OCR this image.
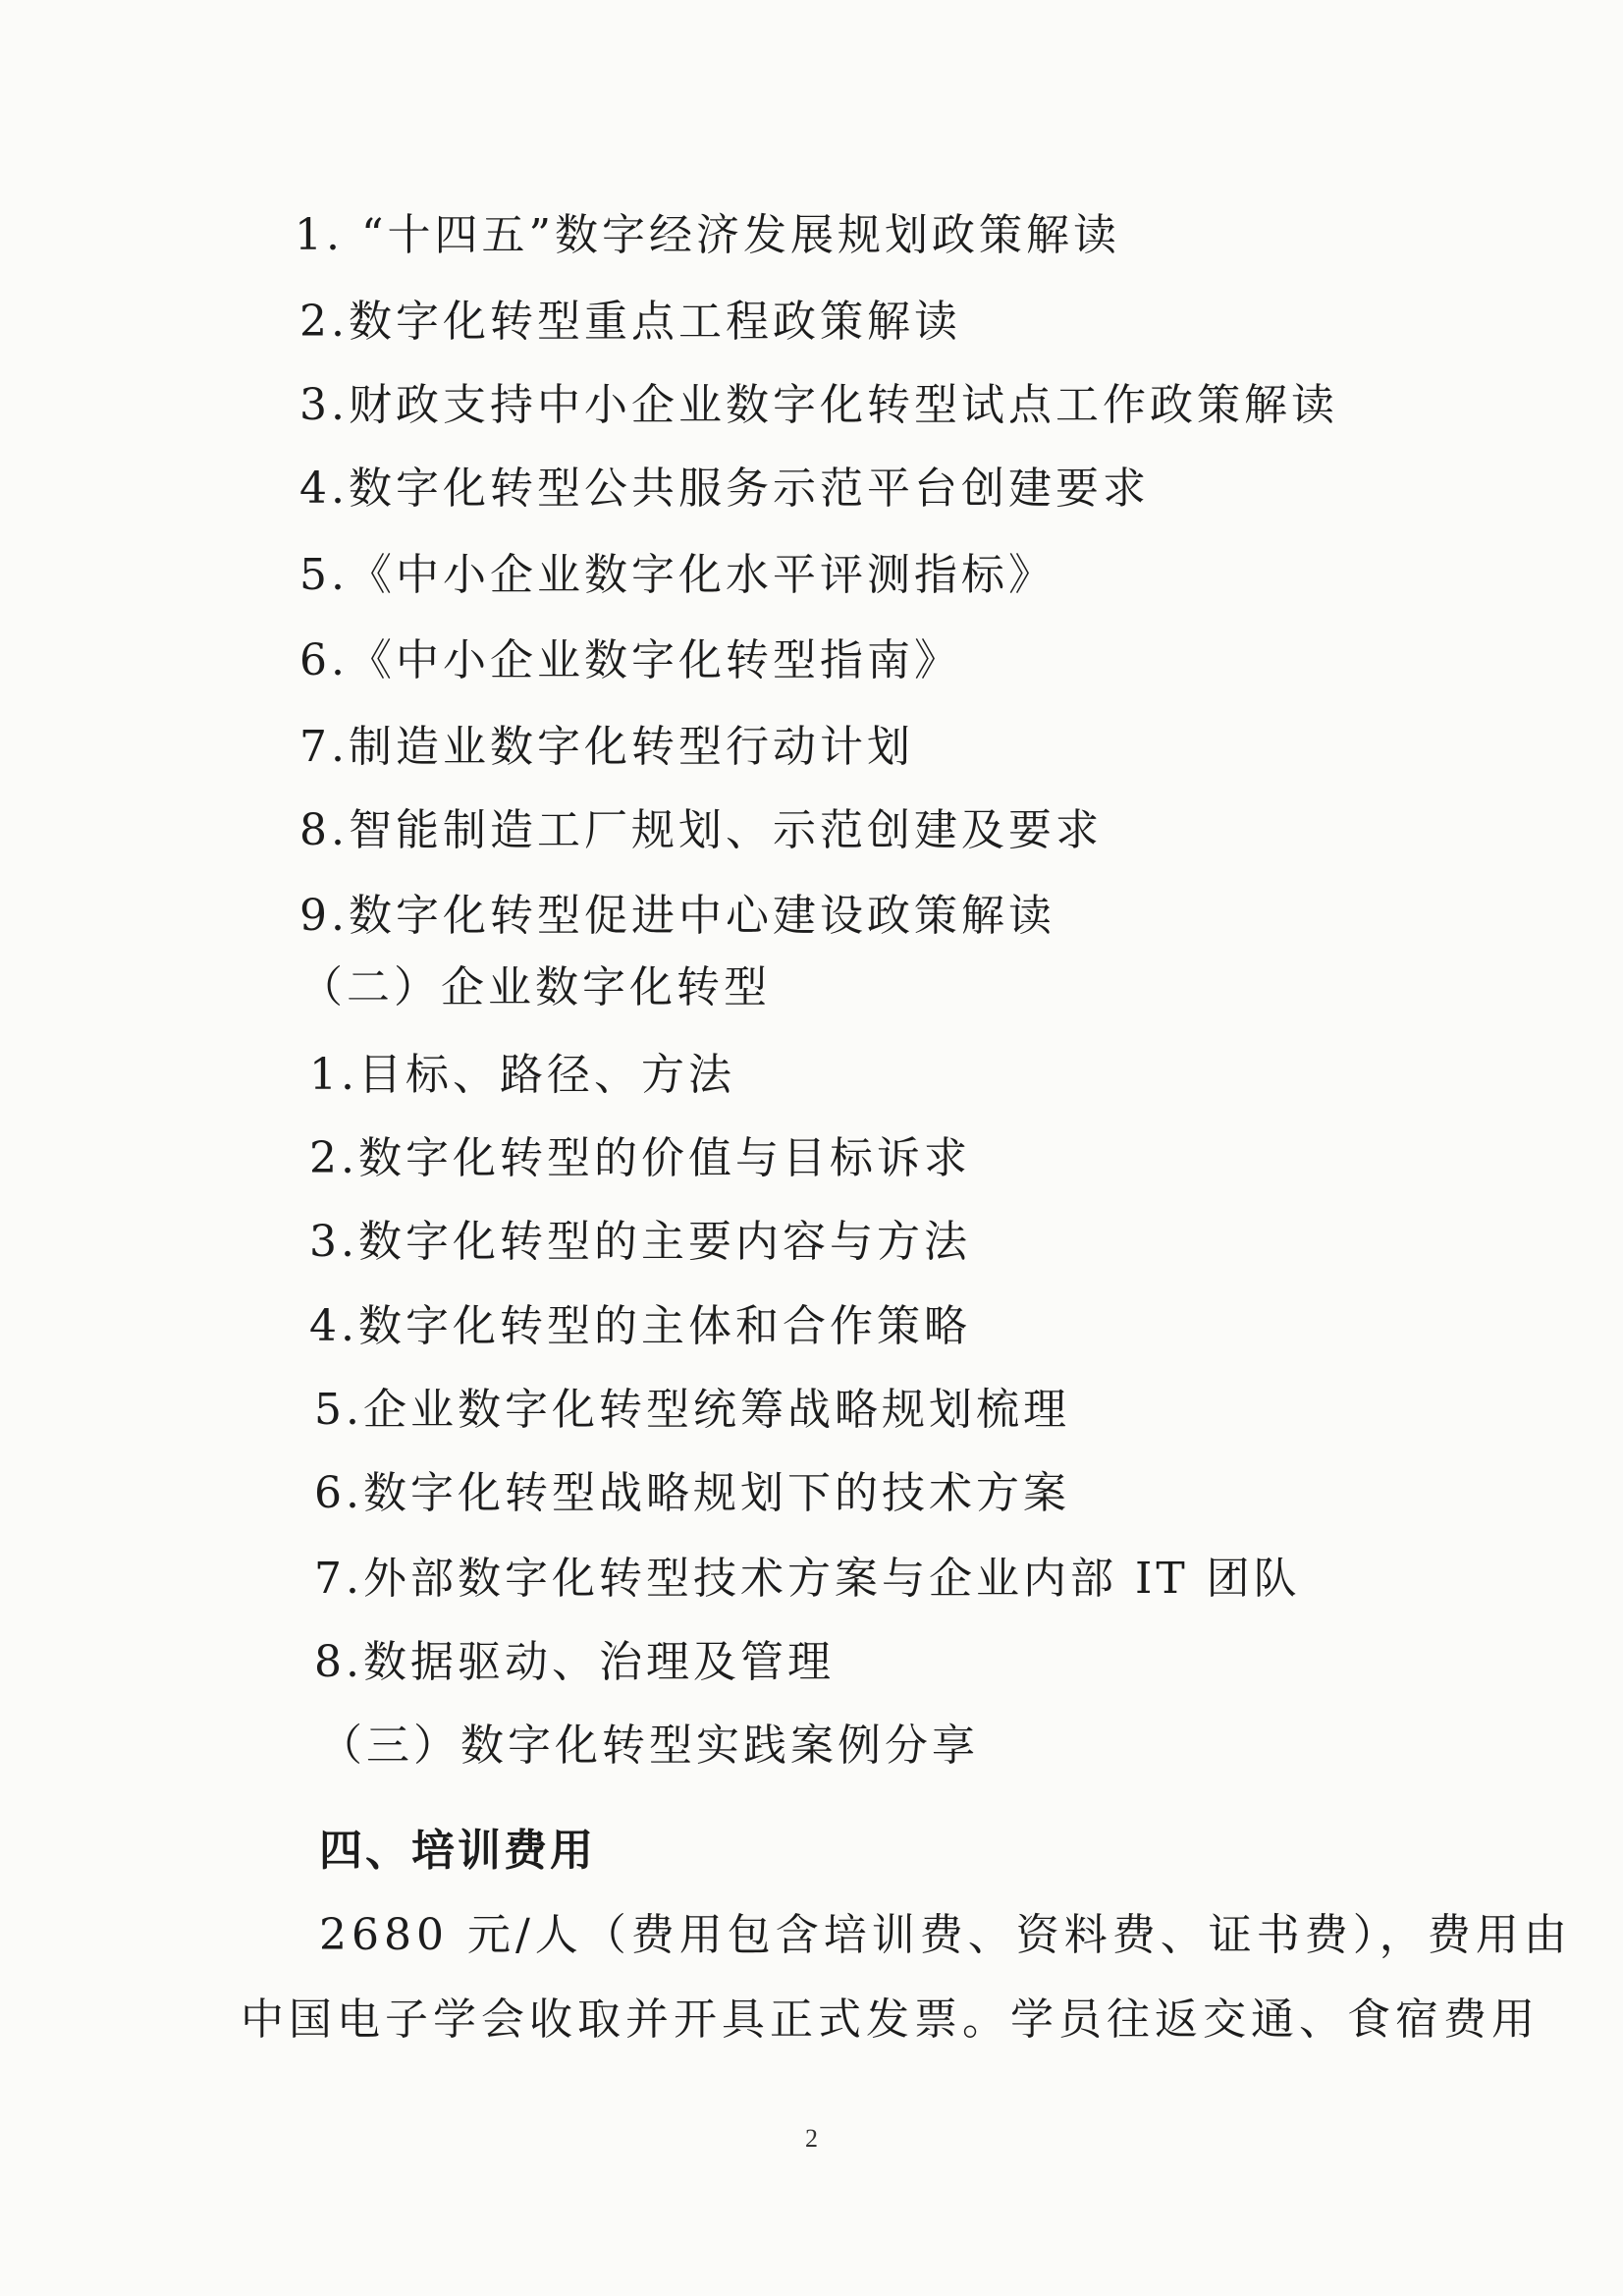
1. “十四五”数字经济发展规划政策解读
2.数字化转型重点工程政策解读
3.财政支持中小企业数字化转型试点工作政策解读
4.数字化转型公共服务示范平台创建要求
5.《中小企业数字化水平评测指标》
6.《中小企业数字化转型指南》
7.制造业数字化转型行动计划
8.智能制造工厂规划、示范创建及要求
9.数字化转型促进中心建设政策解读
（二）企业数字化转型
1.目标、路径、方法
2.数字化转型的价值与目标诉求
3.数字化转型的主要内容与方法
4.数字化转型的主体和合作策略
5.企业数字化转型统筹战略规划梳理
6.数字化转型战略规划下的技术方案
7.外部数字化转型技术方案与企业内部 IT 团队
8.数据驱动、治理及管理
（三）数字化转型实践案例分享
四、培训费用
2680 元/人（费用包含培训费、资料费、证书费），费用由
中国电子学会收取并开具正式发票。学员往返交通、食宿费用
2
